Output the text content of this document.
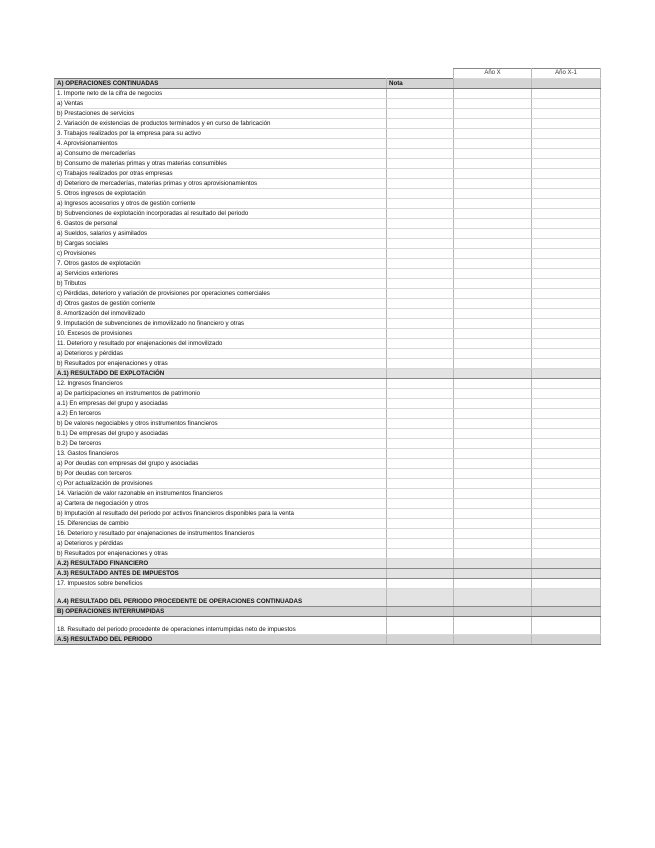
		Año X	Año X-1
A) OPERACIONES CONTINUADAS	Nota		
1. Importe neto de la cifra de negocios			
a) Ventas			
b) Prestaciones de servicios			
2. Variación de existencias de productos terminados y en curso de fabricación			
3. Trabajos realizados por la empresa para su activo			
4. Aprovisionamientos			
a) Consumo de mercaderías			
b) Consumo de materias primas y otras materias consumibles			
c) Trabajos realizados por otras empresas			
d) Deterioro de mercaderías, materias primas y otros aprovisionamientos			
5. Otros ingresos de explotación			
a) Ingresos accesorios y otros de gestión corriente			
b) Subvenciones de explotación incorporadas al resultado del periodo			
6. Gastos de personal			
a) Sueldos, salarios y asimilados			
b) Cargas sociales			
c) Provisiones			
7. Otros gastos de explotación			
a) Servicios exteriores			
b) Tributos			
c) Pérdidas, deterioro y variación de provisiones por operaciones comerciales			
d) Otros gastos de gestión corriente			
8. Amortización del inmovilizado			
9. Imputación de subvenciones de inmovilizado no financiero y otras			
10. Excesos de provisiones			
11. Deterioro y resultado por enajenaciones del inmovilizado			
a) Deterioros y pérdidas			
b) Resultados por enajenaciones y otras			
A.1) RESULTADO DE EXPLOTACIÓN			
12. Ingresos financieros			
a) De participaciones en instrumentos de patrimonio			
a.1) En empresas del grupo y asociadas			
a.2) En terceros			
b) De valores negociables y otros instrumentos financieros			
b.1) De empresas del grupo y asociadas			
b.2) De terceros			
13. Gastos financieros			
a) Por deudas con empresas del grupo y asociadas			
b) Por deudas con terceros			
c) Por actualización de provisiones			
14. Variación de valor razonable en instrumentos financieros			
a) Cartera de negociación y otros			
b) Imputación al resultado del periodo por activos financieros disponibles para la venta			
15. Diferencias de cambio			
16. Deterioro y resultado por enajenaciones de instrumentos financieros			
a) Deterioros y pérdidas			
b) Resultados por enajenaciones y otras			
A.2) RESULTADO FINANCIERO			
A.3) RESULTADO ANTES DE IMPUESTOS			
17. Impuestos sobre beneficios			
A.4) RESULTADO DEL PERIODO PROCEDENTE DE OPERACIONES CONTINUADAS			
B) OPERACIONES INTERRUMPIDAS			
18. Resultado del periodo procedente de operaciones interrumpidas neto de impuestos			
A.5) RESULTADO DEL PERIODO			
